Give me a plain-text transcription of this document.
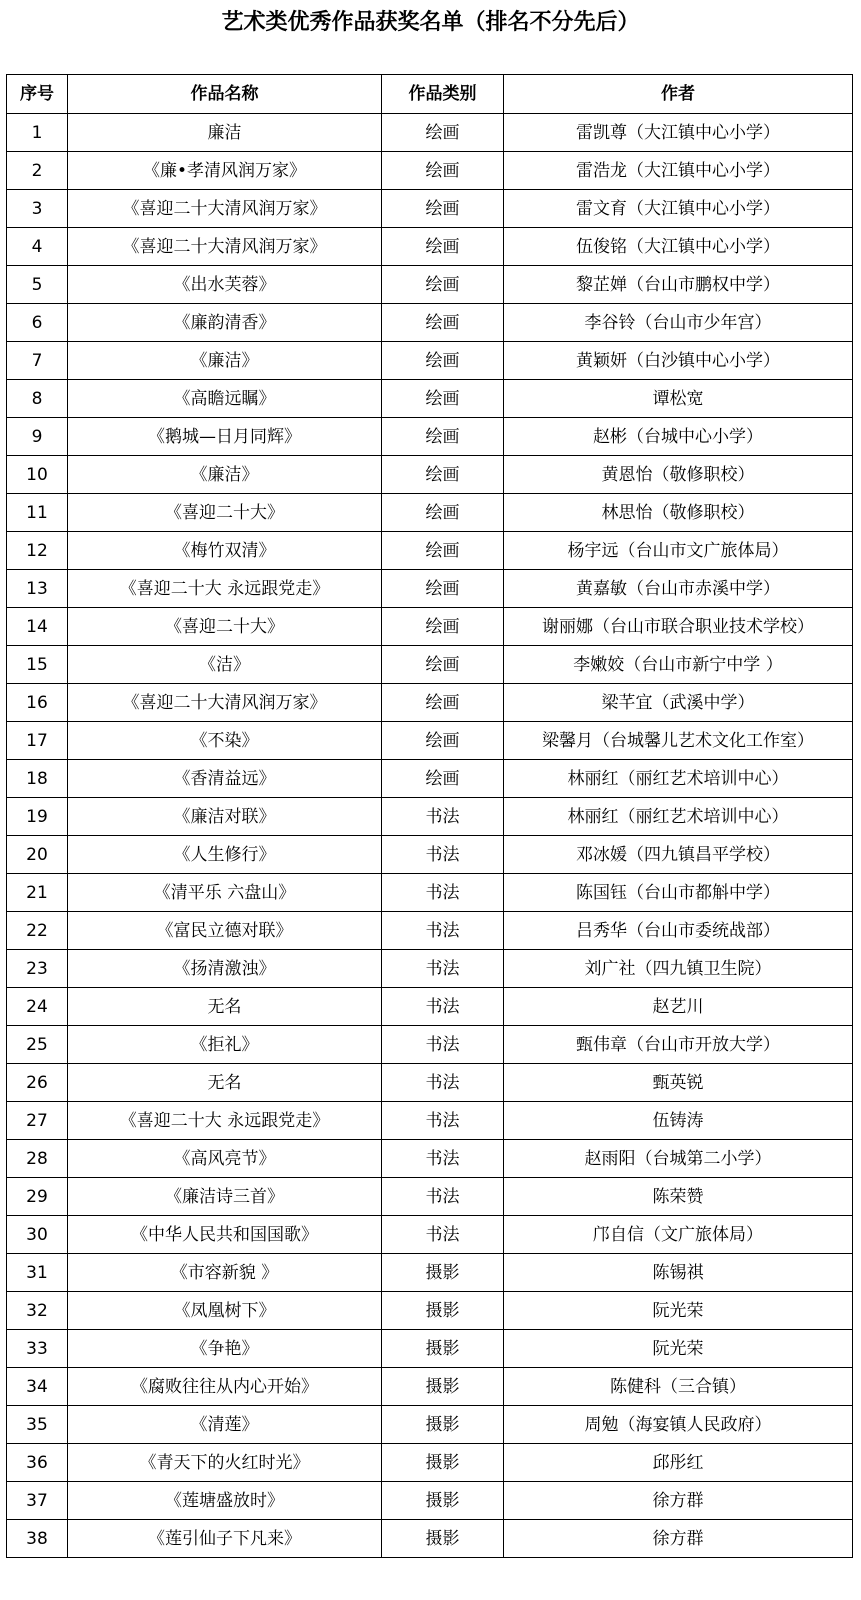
艺术类优秀作品获奖名单（排名不分先后）
序号	作品名称	作品类别	作者
1	廉洁	绘画	雷凯尊（大江镇中心小学）
2	《廉•孝清风润万家》	绘画	雷浩龙（大江镇中心小学）
3	《喜迎二十大清风润万家》	绘画	雷文育（大江镇中心小学）
4	《喜迎二十大清风润万家》	绘画	伍俊铭（大江镇中心小学）
5	《出水芙蓉》	绘画	黎芷婵（台山市鹏权中学）
6	《廉韵清香》	绘画	李谷铃（台山市少年宫）
7	《廉洁》	绘画	黄颖妍（白沙镇中心小学）
8	《高瞻远瞩》	绘画	谭松宽
9	《鹅城—日月同辉》	绘画	赵彬（台城中心小学）
10	《廉洁》	绘画	黄恩怡（敬修职校）
11	《喜迎二十大》	绘画	林思怡（敬修职校）
12	《梅竹双清》	绘画	杨宇远（台山市文广旅体局）
13	《喜迎二十大 永远跟党走》	绘画	黄嘉敏（台山市赤溪中学）
14	《喜迎二十大》	绘画	谢丽娜（台山市联合职业技术学校）
15	《洁》	绘画	李嫩姣（台山市新宁中学 ）
16	《喜迎二十大清风润万家》	绘画	梁芊宜（武溪中学）
17	《不染》	绘画	梁馨月（台城馨儿艺术文化工作室）
18	《香清益远》	绘画	林丽红（丽红艺术培训中心）
19	《廉洁对联》	书法	林丽红（丽红艺术培训中心）
20	《人生修行》	书法	邓冰媛（四九镇昌平学校）
21	《清平乐 六盘山》	书法	陈国钰（台山市都斛中学）
22	《富民立德对联》	书法	吕秀华（台山市委统战部）
23	《扬清激浊》	书法	刘广社（四九镇卫生院）
24	无名	书法	赵艺川
25	《拒礼》	书法	甄伟章（台山市开放大学）
26	无名	书法	甄英锐
27	《喜迎二十大 永远跟党走》	书法	伍铸涛
28	《高风亮节》	书法	赵雨阳（台城第二小学）
29	《廉洁诗三首》	书法	陈荣赞
30	《中华人民共和国国歌》	书法	邝自信（文广旅体局）
31	《市容新貌 》	摄影	陈锡祺
32	《凤凰树下》	摄影	阮光荣
33	《争艳》	摄影	阮光荣
34	《腐败往往从内心开始》	摄影	陈健科（三合镇）
35	《清莲》	摄影	周勉（海宴镇人民政府）
36	《青天下的火红时光》	摄影	邱彤红
37	《莲塘盛放时》	摄影	徐方群
38	《莲引仙子下凡来》	摄影	徐方群
